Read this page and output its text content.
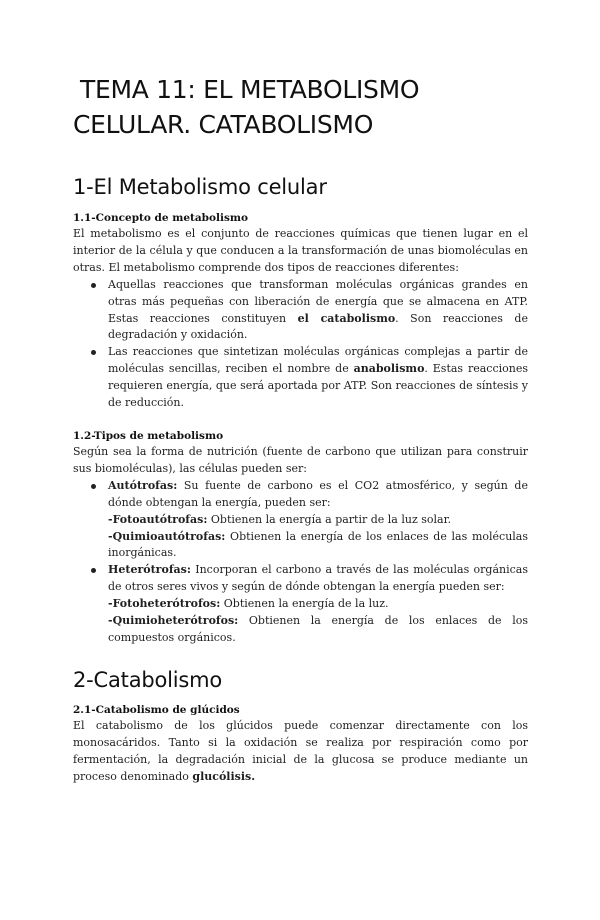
TEMA 11: EL METABOLISMO
CELULAR. CATABOLISMO
1-El Metabolismo celular
1.1-Concepto de metabolismo

El metabolismo es el conjunto de reacciones químicas que tienen lugar en el interior de la célula y que conducen a la transformación de unas biomoléculas en otras. El metabolismo comprende dos tipos de reacciones diferentes:

Aquellas reacciones que transforman moléculas orgánicas grandes en otras más pequeñas con liberación de energía que se almacena en ATP. Estas reacciones constituyen el catabolismo. Son reacciones de degradación y oxidación.
Las reacciones que sintetizan moléculas orgánicas complejas a partir de moléculas sencillas, reciben el nombre de anabolismo. Estas reacciones requieren energía, que será aportada por ATP. Son reacciones de síntesis y de reducción.
1.2-Tipos de metabolismo

Según sea la forma de nutrición (fuente de carbono que utilizan para construir sus biomoléculas), las células pueden ser:

Autótrofas: Su fuente de carbono es el CO2 atmosférico, y según de dónde obtengan la energía, pueden ser:
-Fotoautótrofas: Obtienen la energía a partir de la luz solar.
-Quimioautótrofas: Obtienen la energía de los enlaces de las moléculas inorgánicas.
Heterótrofas: Incorporan el carbono a través de las moléculas orgánicas de otros seres vivos y según de dónde obtengan la energía pueden ser:
-Fotoheterótrofos: Obtienen la energía de la luz.
-Quimioheterótrofos: Obtienen la energía de los enlaces de los compuestos orgánicos.
2-Catabolismo
2.1-Catabolismo de glúcidos

El catabolismo de los glúcidos puede comenzar directamente con los monosacáridos. Tanto si la oxidación se realiza por respiración como por fermentación, la degradación inicial de la glucosa se produce mediante un proceso denominado glucólisis.
